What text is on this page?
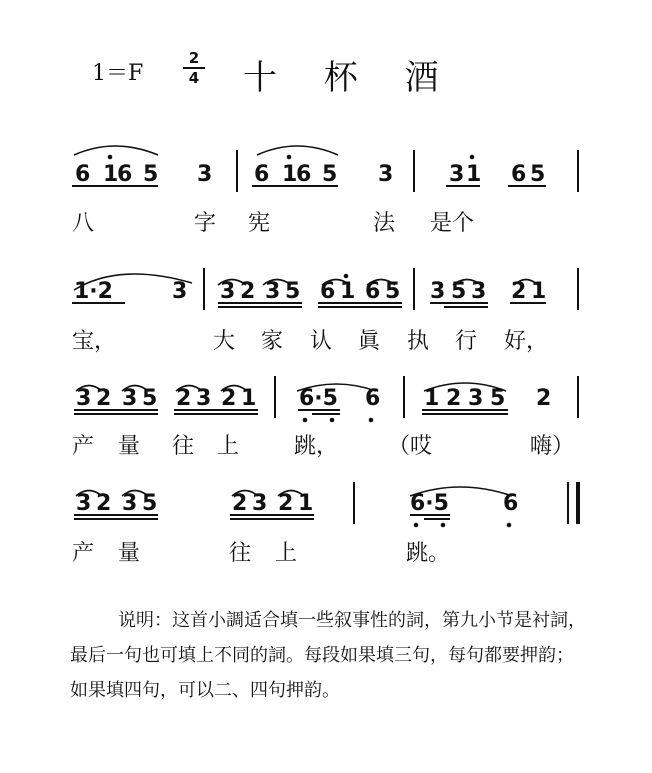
1＝F
2
4 十 杯 酒
6 1
6 5 3 6 1
6 5 3	3 1 6 5
八	字 宪	法 是个
1·2	3 3 2 3 5 6 1 6 5 3 5 3 2 1
宝，	大 家 认 眞 执 行 好，
3 2 3 5 2 3 2 1 6·5 6 1 2 3 5 2
产 量 往 上 跳， （哎	嗨）
3 2 3 5	2 3 2 1	6·5 6
产 量	往 上	跳。
说明：这首小調适合填一些叙事性的詞，第九小节是衬詞，最后一句也可填上不同的詞。每段如果填三句，每句都要押韵；如果填四句，可以二、四句押韵。
